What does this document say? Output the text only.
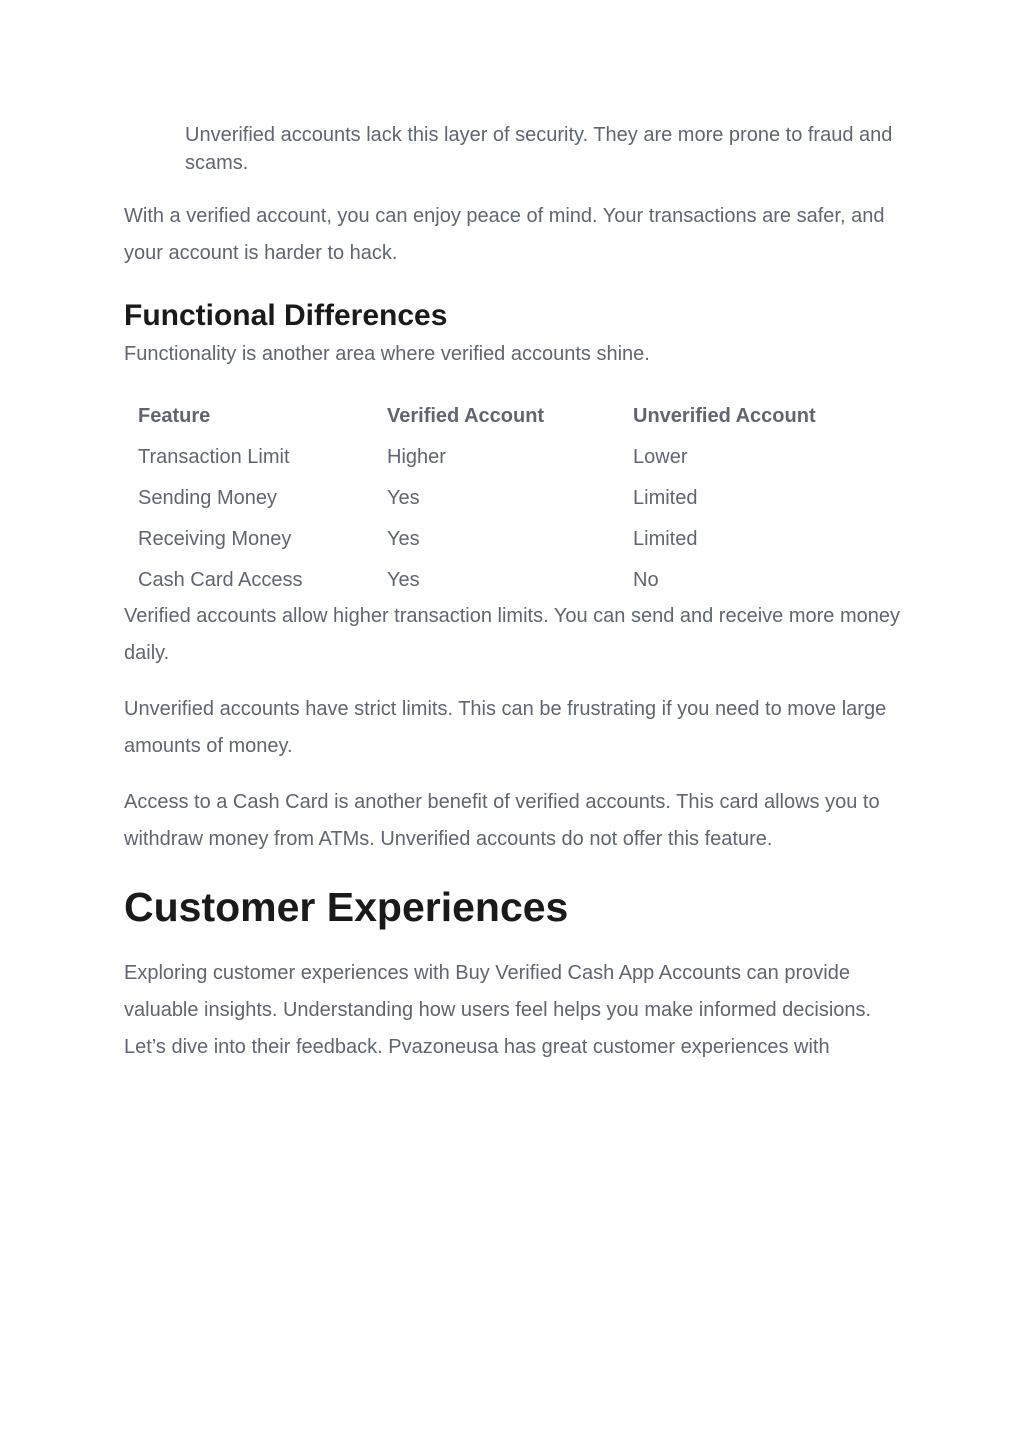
Unverified accounts lack this layer of security. They are more prone to fraud and scams.

With a verified account, you can enjoy peace of mind. Your transactions are safer, and your account is harder to hack.

Functional Differences

Functionality is another area where verified accounts shine.

Feature	Verified Account	Unverified Account
Transaction Limit	Higher	Lower
Sending Money	Yes	Limited
Receiving Money	Yes	Limited
Cash Card Access	Yes	No

Verified accounts allow higher transaction limits. You can send and receive more money daily.

Unverified accounts have strict limits. This can be frustrating if you need to move large amounts of money.

Access to a Cash Card is another benefit of verified accounts. This card allows you to withdraw money from ATMs. Unverified accounts do not offer this feature.

Customer Experiences

Exploring customer experiences with Buy Verified Cash App Accounts can provide valuable insights. Understanding how users feel helps you make informed decisions. Let’s dive into their feedback. Pvazoneusa has great customer experiences with
